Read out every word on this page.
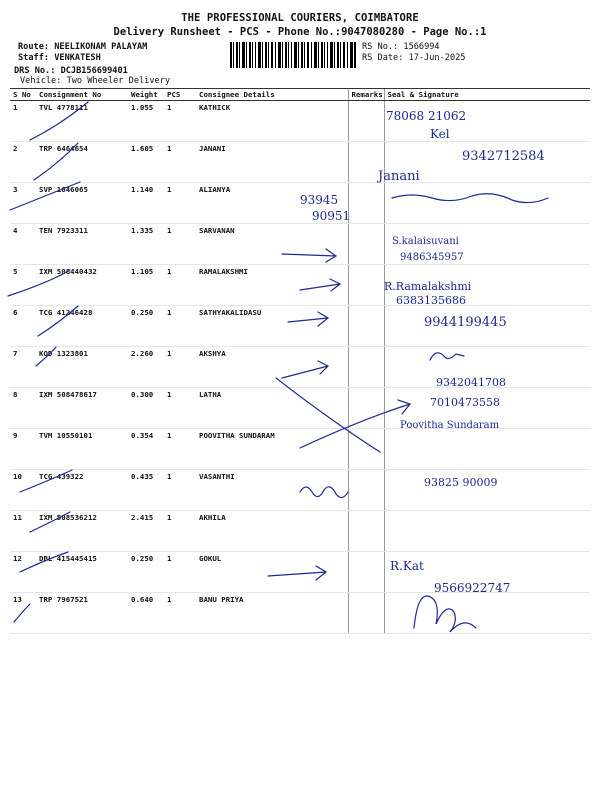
THE PROFESSIONAL COURIERS, COIMBATORE
Delivery Runsheet - PCS - Phone No.:9047080280 - Page No.:1
Route: NEELIKONAM PALAYAM
Staff: VENKATESH
DRS No.: DCJB156699401
Vehicle: Two Wheeler Delivery
RS No.: 1566994
RS Date: 17-Jun-2025
S No	Consignment No	Weight	PCS	Consignee Details	Remarks	Seal & Signature
1	TVL 4778111	1.055	1	KATHICK		
2	TRP 6464654	1.605	1	JANANI		
3	SVP 1646065	1.140	1	ALIANYA		
4	TEN 7923311	1.335	1	SARVANAN		
5	IXM 508440432	1.105	1	RAMALAKSHMI		
6	TCG 41246428	0.250	1	SATHYAKALIDASU		
7	KOD 1323801	2.260	1	AKSHYA		
8	IXM 508478617	0.300	1	LATHA		
9	TVM 10550101	0.354	1	POOVITHA SUNDARAM		
10	TCG 439322	0.435	1	VASANTHI		
11	IXM 508536212	2.415	1	AKHILA		
12	DBL 415445415	0.250	1	GOKUL		
13	TRP 7967521	0.640	1	BANU PRIYA		
78068 21062
Kel
9342712584
Janani
93945
90951
S.kalaisuvani
9486345957
R.Ramalakshmi
6383135686
9944199445
9342041708
7010473558
Poovitha Sundaram
93825 90009
R.Kat
9566922747
